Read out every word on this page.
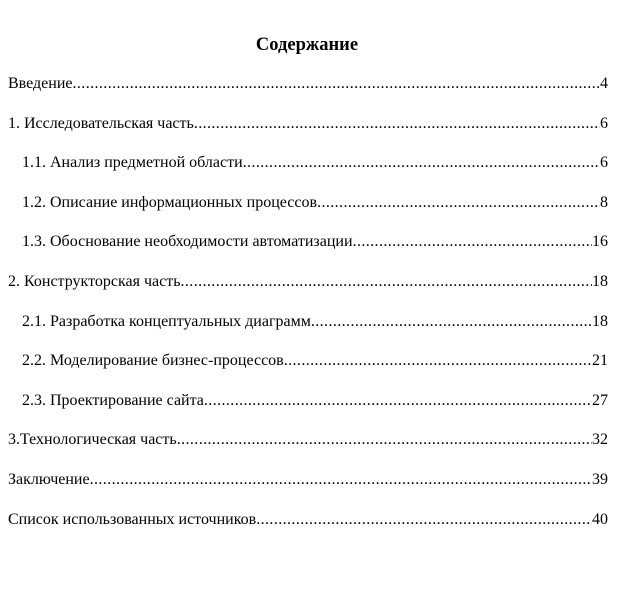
Содержание
Введение .....	4
1. Исследовательская часть .....	6
1.1. Анализ предметной области .....	6
1.2. Описание информационных процессов .....	8
1.3. Обоснование необходимости автоматизации .....	16
2. Конструкторская часть .....	18
2.1. Разработка концептуальных диаграмм .....	18
2.2. Моделирование бизнес-процессов .....	21
2.3. Проектирование сайта .....	27
3.Технологическая часть .....	32
Заключение .....	39
Список использованных источников .....	40
